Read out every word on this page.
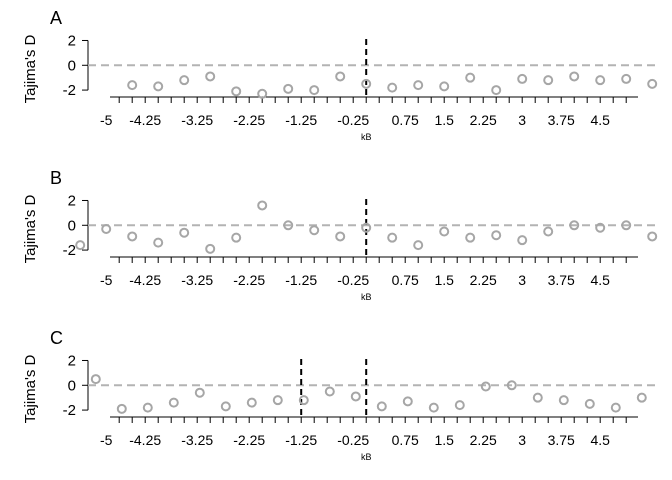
A
Tajima's D 2
0
-2
-5 -4.25 -3.25 -2.25 -1.25 -0.25 0.75 1.5 2.25 3 3.75 4.5
kB
B
Tajima's D 2
0
-2
-5 -4.25 -3.25 -2.25 -1.25 -0.25 0.75 1.5 2.25 3 3.75 4.5
kB
C
Tajima's D 2
0
-2
-5 -4.25 -3.25 -2.25 -1.25 -0.25 0.75 1.5 2.25 3 3.75 4.5
kB
